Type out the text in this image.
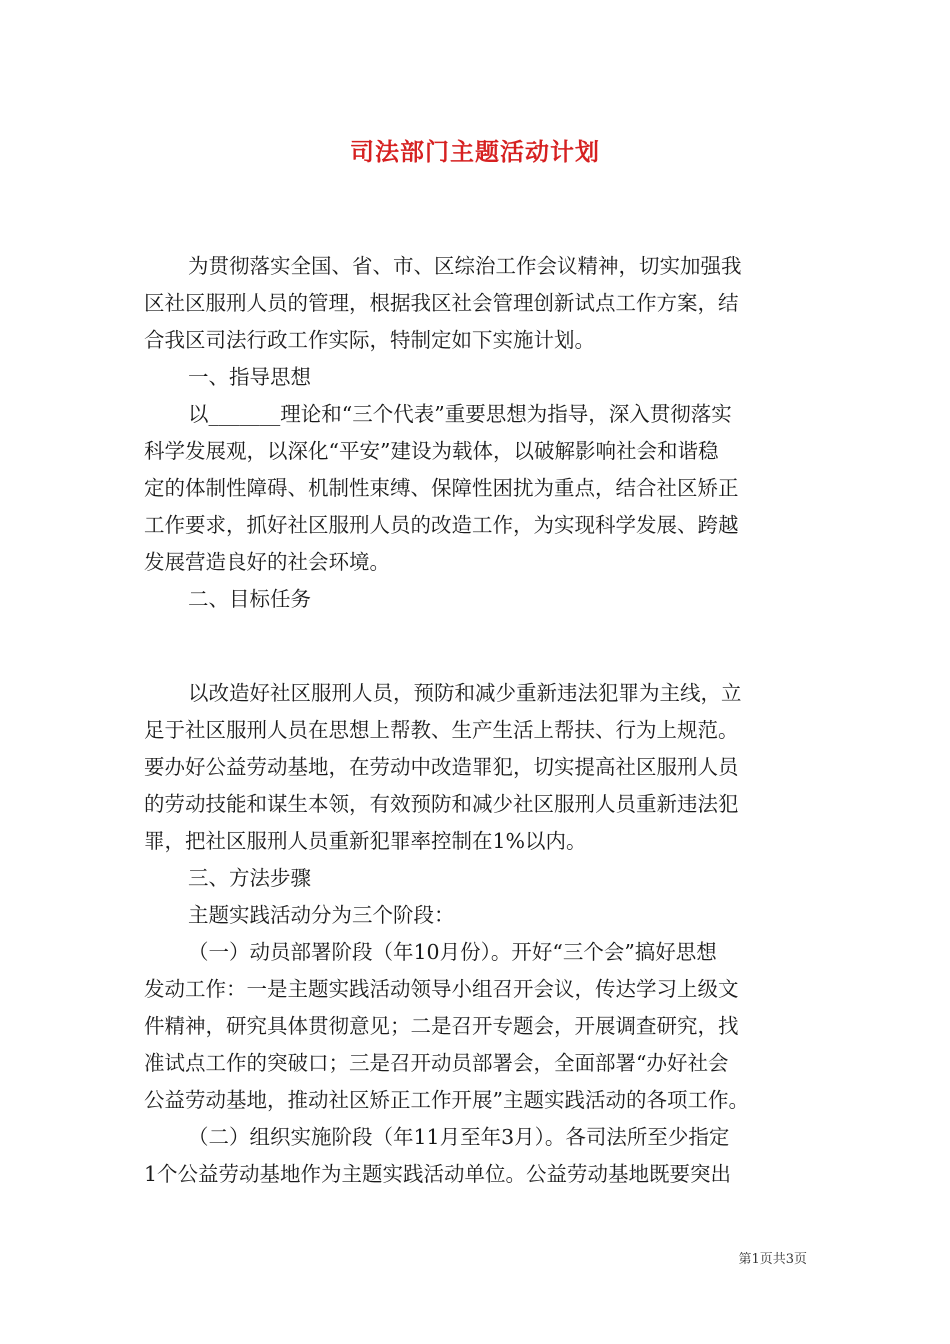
司法部门主题活动计划
为贯彻落实全国、省、市、区综治工作会议精神，切实加强我
区社区服刑人员的管理，根据我区社会管理创新试点工作方案，结
合我区司法行政工作实际，特制定如下实施计划。
一、指导思想
以_______理论和“三个代表”重要思想为指导，深入贯彻落实
科学发展观，以深化“平安”建设为载体，以破解影响社会和谐稳
定的体制性障碍、机制性束缚、保障性困扰为重点，结合社区矫正
工作要求，抓好社区服刑人员的改造工作，为实现科学发展、跨越
发展营造良好的社会环境。
二、目标任务
以改造好社区服刑人员，预防和减少重新违法犯罪为主线，立
足于社区服刑人员在思想上帮教、生产生活上帮扶、行为上规范。
要办好公益劳动基地，在劳动中改造罪犯，切实提高社区服刑人员
的劳动技能和谋生本领，有效预防和减少社区服刑人员重新违法犯
罪，把社区服刑人员重新犯罪率控制在1%以内。
三、方法步骤
主题实践活动分为三个阶段：
（一）动员部署阶段（年10月份）。开好“三个会”搞好思想
发动工作：一是主题实践活动领导小组召开会议，传达学习上级文
件精神，研究具体贯彻意见；二是召开专题会，开展调查研究，找
准试点工作的突破口；三是召开动员部署会，全面部署“办好社会
公益劳动基地，推动社区矫正工作开展”主题实践活动的各项工作。
（二）组织实施阶段（年11月至年3月）。各司法所至少指定
1个公益劳动基地作为主题实践活动单位。公益劳动基地既要突出
第1页共3页
